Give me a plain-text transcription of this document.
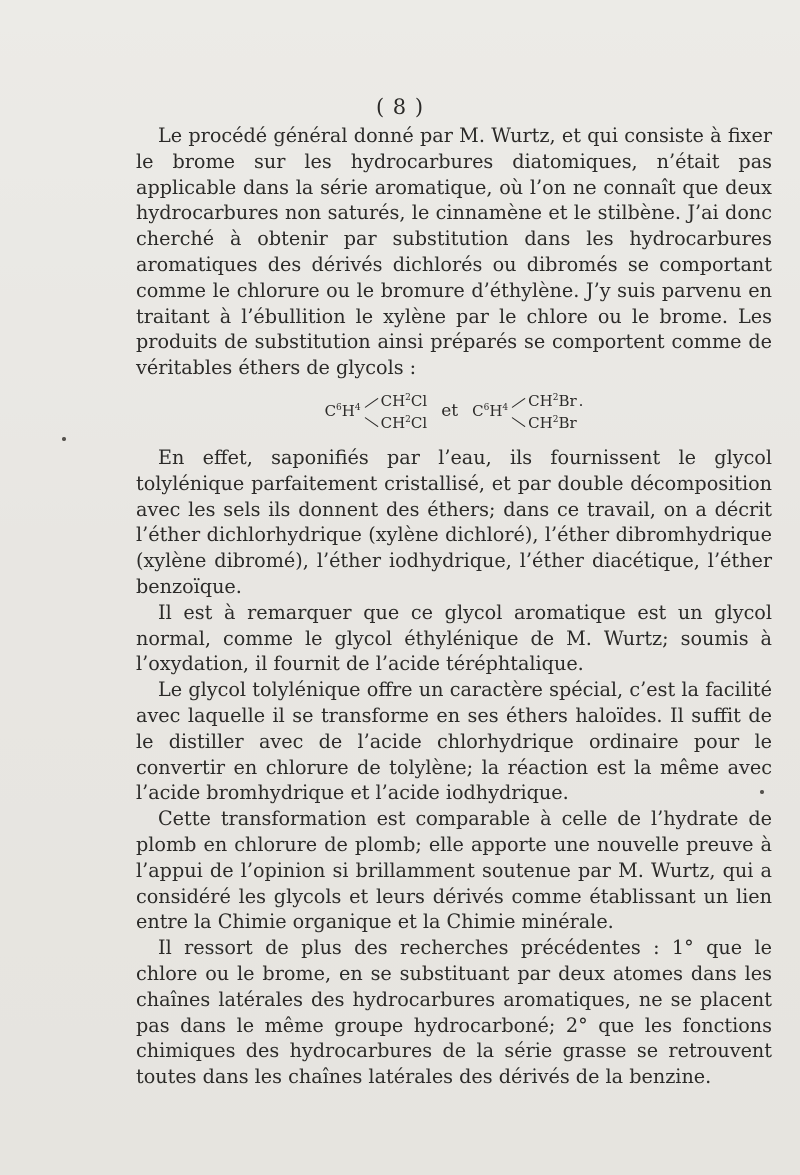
( 8 )

Le procédé général donné par M. Wurtz, et qui consiste à fixer le brome sur les hydrocarbures diatomiques, n’était pas applicable dans la série aromatique, où l’on ne connaît que deux hydrocarbures non saturés, le cinnamène et le stilbène. J’ai donc cherché à obtenir par substitution dans les hydrocarbures aromatiques des dérivés dichlorés ou dibromés se comportant comme le chlorure ou le bromure d’éthylène. J’y suis parvenu en traitant à l’ébullition le xylène par le chlore ou le brome. Les produits de substitution ainsi préparés se comportent comme de véritables éthers de glycols :

$C^6H^4$ $CH^2Cl$
$CH^2Cl$
et $C^6H^4$ $CH^2Br$ .
$CH^2Br$

En effet, saponifiés par l’eau, ils fournissent le glycol tolylénique parfaitement cristallisé, et par double décomposition avec les sels ils donnent des éthers; dans ce travail, on a décrit l’éther dichlorhydrique (xylène dichloré), l’éther dibromhydrique (xylène dibromé), l’éther iodhydrique, l’éther diacétique, l’éther benzoïque.

Il est à remarquer que ce glycol aromatique est un glycol normal, comme le glycol éthylénique de M. Wurtz; soumis à l’oxydation, il fournit de l’acide téréphtalique.

Le glycol tolylénique offre un caractère spécial, c’est la facilité avec laquelle il se transforme en ses éthers haloïdes. Il suffit de le distiller avec de l’acide chlorhydrique ordinaire pour le convertir en chlorure de tolylène; la réaction est la même avec l’acide bromhydrique et l’acide iodhydrique.

Cette transformation est comparable à celle de l’hydrate de plomb en chlorure de plomb; elle apporte une nouvelle preuve à l’appui de l’opinion si brillamment soutenue par M. Wurtz, qui a considéré les glycols et leurs dérivés comme établissant un lien entre la Chimie organique et la Chimie minérale.

Il ressort de plus des recherches précédentes : 1° que le chlore ou le brome, en se substituant par deux atomes dans les chaînes latérales des hydrocarbures aromatiques, ne se placent pas dans le même groupe hydrocarboné; 2° que les fonctions chimiques des hydrocarbures de la série grasse se retrouvent toutes dans les chaînes latérales des dérivés de la benzine.
